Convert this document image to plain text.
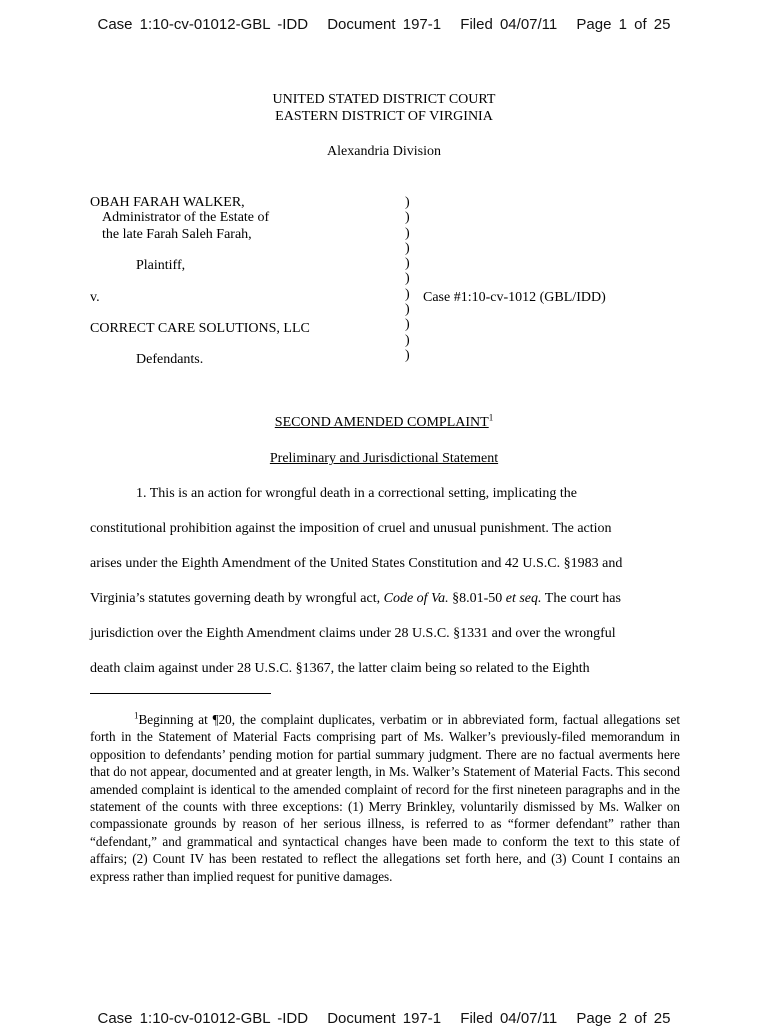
Case 1:10-cv-01012-GBL -IDD Document 197-1 Filed 04/07/11 Page 1 of 25
UNITED STATED DISTRICT COURT
EASTERN DISTRICT OF VIRGINIA
Alexandria Division
OBAH FARAH WALKER,
Administrator of the Estate of
the late Farah Saleh Farah,
Plaintiff,
v.
CORRECT CARE SOLUTIONS, LLC
Defendants.
Case #1:10-cv-1012 (GBL/IDD)
)
)
)
)
)
)
)
)
)
)
)
SECOND AMENDED COMPLAINT$^1$
Preliminary and Jurisdictional Statement
1. This is an action for wrongful death in a correctional setting, implicating the
constitutional prohibition against the imposition of cruel and unusual punishment. The action
arises under the Eighth Amendment of the United States Constitution and 42 U.S.C. §1983 and
Virginia’s statutes governing death by wrongful act, Code of Va. §8.01-50 et seq. The court has
jurisdiction over the Eighth Amendment claims under 28 U.S.C. §1331 and over the wrongful
death claim against under 28 U.S.C. §1367, the latter claim being so related to the Eighth
$^1$Beginning at ¶20, the complaint duplicates, verbatim or in abbreviated form, factual allegations set forth in the Statement of Material Facts comprising part of Ms. Walker’s previously-filed memorandum in opposition to defendants’ pending motion for partial summary judgment. There are no factual averments here that do not appear, documented and at greater length, in Ms. Walker’s Statement of Material Facts. This second amended complaint is identical to the amended complaint of record for the first nineteen paragraphs and in the statement of the counts with three exceptions: (1) Merry Brinkley, voluntarily dismissed by Ms. Walker on compassionate grounds by reason of her serious illness, is referred to as “former defendant” rather than “defendant,” and grammatical and syntactical changes have been made to conform the text to this state of affairs; (2) Count IV has been restated to reflect the allegations set forth here, and (3) Count I contains an express rather than implied request for punitive damages.
Case 1:10-cv-01012-GBL -IDD Document 197-1 Filed 04/07/11 Page 2 of 25
